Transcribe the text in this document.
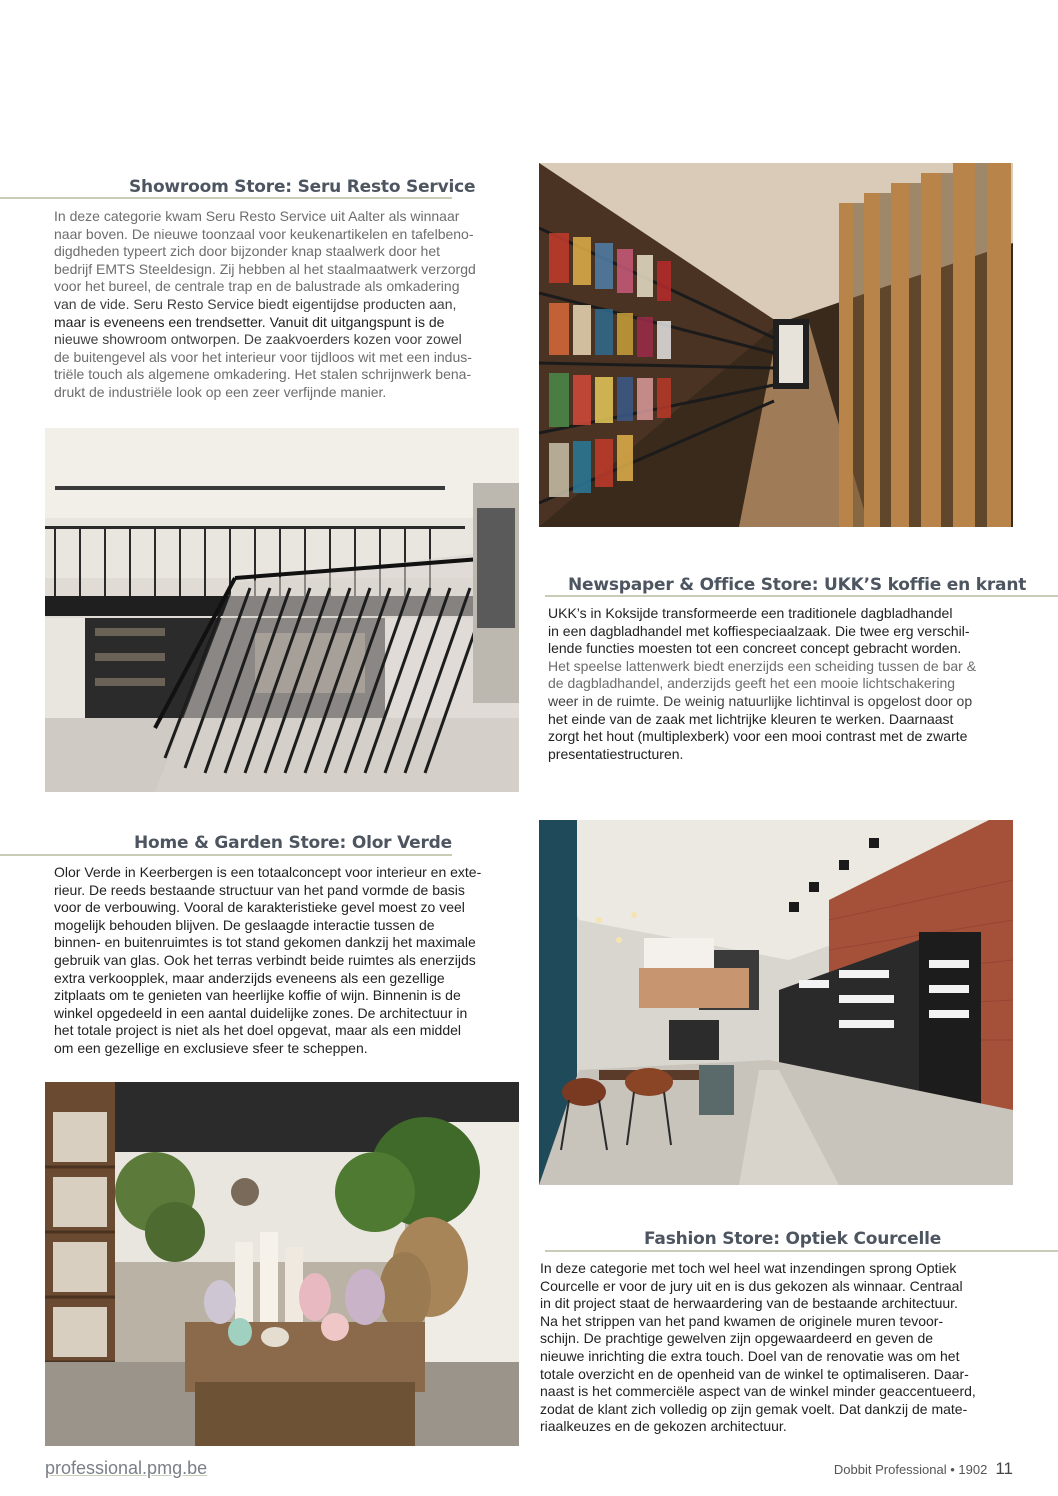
Showroom Store: Seru Resto Service
In deze categorie kwam Seru Resto Service uit Aalter als winnaar
naar boven. De nieuwe toonzaal voor keukenartikelen en tafelbeno-
digdheden typeert zich door bijzonder knap staalwerk door het
bedrijf EMTS Steeldesign. Zij hebben al het staalmaatwerk verzorgd
voor het bureel, de centrale trap en de balustrade als omkadering
van de vide. Seru Resto Service biedt eigentijdse producten aan,
maar is eveneens een trendsetter. Vanuit dit uitgangspunt is de
nieuwe showroom ontworpen. De zaakvoerders kozen voor zowel
de buitengevel als voor het interieur voor tijdloos wit met een indus-
triële touch als algemene omkadering. Het stalen schrijnwerk bena-
drukt de industriële look op een zeer verfijnde manier.
Newspaper & Office Store: UKK’S koffie en krant
UKK’s in Koksijde transformeerde een traditionele dagbladhandel
in een dagbladhandel met koffiespeciaalzaak. Die twee erg verschil-
lende functies moesten tot een concreet concept gebracht worden.
Het speelse lattenwerk biedt enerzijds een scheiding tussen de bar &
de dagbladhandel, anderzijds geeft het een mooie lichtschakering
weer in de ruimte. De weinig natuurlijke lichtinval is opgelost door op
het einde van de zaak met lichtrijke kleuren te werken. Daarnaast
zorgt het hout (multiplexberk) voor een mooi contrast met de zwarte
presentatiestructuren.
Home & Garden Store: Olor Verde
Olor Verde in Keerbergen is een totaalconcept voor interieur en exte-
rieur. De reeds bestaande structuur van het pand vormde de basis
voor de verbouwing. Vooral de karakteristieke gevel moest zo veel
mogelijk behouden blijven. De geslaagde interactie tussen de
binnen- en buitenruimtes is tot stand gekomen dankzij het maximale
gebruik van glas. Ook het terras verbindt beide ruimtes als enerzijds
extra verkoopplek, maar anderzijds eveneens als een gezellige
zitplaats om te genieten van heerlijke koffie of wijn. Binnenin is de
winkel opgedeeld in een aantal duidelijke zones. De architectuur in
het totale project is niet als het doel opgevat, maar als een middel
om een gezellige en exclusieve sfeer te scheppen.
Fashion Store: Optiek Courcelle
In deze categorie met toch wel heel wat inzendingen sprong Optiek
Courcelle er voor de jury uit en is dus gekozen als winnaar. Centraal
in dit project staat de herwaardering van de bestaande architectuur.
Na het strippen van het pand kwamen de originele muren tevoor-
schijn. De prachtige gewelven zijn opgewaardeerd en geven de
nieuwe inrichting die extra touch. Doel van de renovatie was om het
totale overzicht en de openheid van de winkel te optimaliseren. Daar-
naast is het commerciële aspect van de winkel minder geaccentueerd,
zodat de klant zich volledig op zijn gemak voelt. Dat dankzij de mate-
riaalkeuzes en de gekozen architectuur.

professional.pmg.be	Dobbit Professional • 1902 11
